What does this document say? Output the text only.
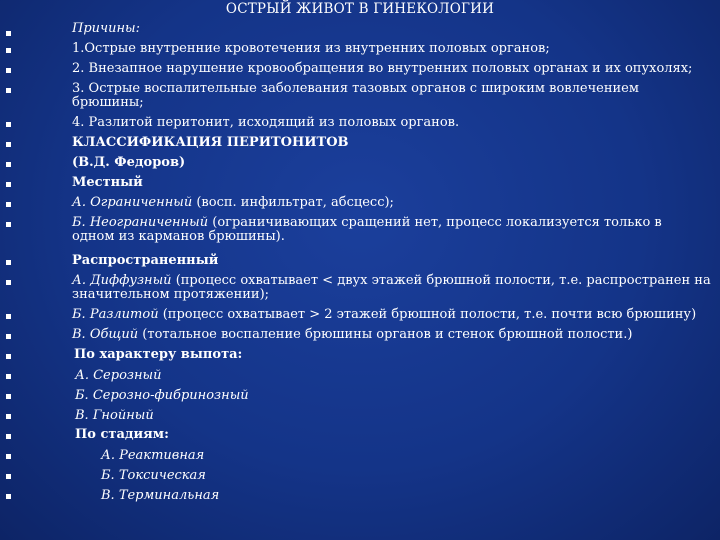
ОСТРЫЙ ЖИВОТ В ГИНЕКОЛОГИИ
Причины:
1.Острые внутренние кровотечения из внутренних половых органов;
2. Внезапное нарушение кровообращения во внутренних половых органах и их опухолях;
3. Острые воспалительные заболевания тазовых органов с широким вовлечением брюшины;
4. Разлитой перитонит, исходящий из половых органов.
КЛАССИФИКАЦИЯ ПЕРИТОНИТОВ
(В.Д. Федоров)
Местный
А. Ограниченный (восп. инфильтрат, абсцесс);
Б. Неограниченный (ограничивающих сращений нет, процесс локализуется только в одном из карманов брюшины).
Распространенный
А. Диффузный (процесс охватывает < двух этажей брюшной полости, т.е. распространен на значительном протяжении);
Б. Разлитой (процесс охватывает > 2 этажей брюшной полости, т.е. почти всю брюшину)
В. Общий (тотальное воспаление брюшины органов и стенок брюшной полости.)
По характеру выпота:
А. Серозный
Б. Серозно-фибринозный
В. Гнойный
По стадиям:
А. Реактивная
Б. Токсическая
В. Терминальная
